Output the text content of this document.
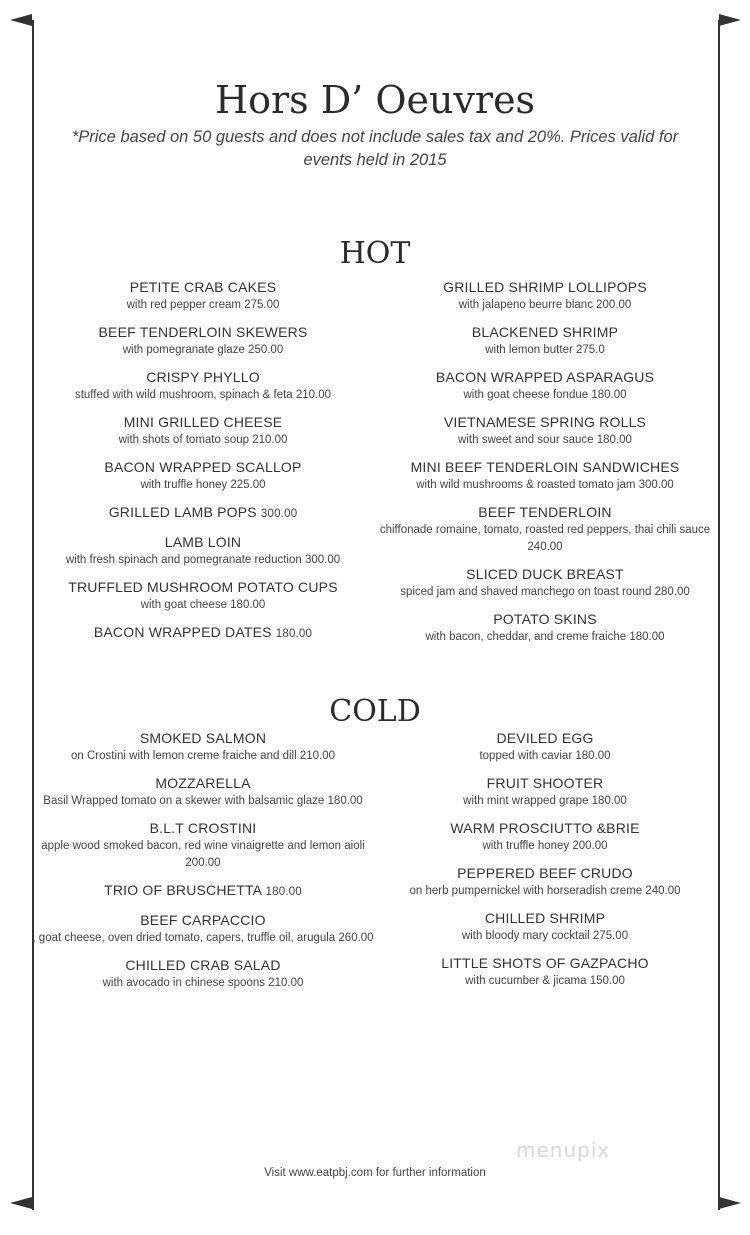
Hors D’ Oeuvres
*Price based on 50 guests and does not include sales tax and 20%. Prices valid for events held in 2015
HOT
PETITE CRAB CAKES
with red pepper cream 275.00
BEEF TENDERLOIN SKEWERS
with pomegranate glaze 250.00
CRISPY PHYLLO
stuffed with wild mushroom, spinach & feta 210.00
MINI GRILLED CHEESE
with shots of tomato soup 210.00
BACON WRAPPED SCALLOP
with truffle honey 225.00
GRILLED LAMB POPS 300.00
LAMB LOIN
with fresh spinach and pomegranate reduction 300.00
TRUFFLED MUSHROOM POTATO CUPS
with goat cheese 180.00
BACON WRAPPED DATES 180.00
GRILLED SHRIMP LOLLIPOPS
with jalapeno beurre blanc 200.00
BLACKENED SHRIMP
with lemon butter 275.0
BACON WRAPPED ASPARAGUS
with goat cheese fondue 180.00
VIETNAMESE SPRING ROLLS
with sweet and sour sauce 180.00
MINI BEEF TENDERLOIN SANDWICHES
with wild mushrooms & roasted tomato jam 300.00
BEEF TENDERLOIN
chiffonade romaine, tomato, roasted red peppers, thai chili sauce 240.00
SLICED DUCK BREAST
spiced jam and shaved manchego on toast round 280.00
POTATO SKINS
with bacon, cheddar, and creme fraiche 180.00
COLD
SMOKED SALMON
on Crostini with lemon creme fraiche and dill 210.00
MOZZARELLA
Basil Wrapped tomato on a skewer with balsamic glaze 180.00
B.L.T CROSTINI
apple wood smoked bacon, red wine vinaigrette and lemon aioli 200.00
TRIO OF BRUSCHETTA 180.00
BEEF CARPACCIO
, goat cheese, oven dried tomato, capers, truffle oil, arugula 260.00
CHILLED CRAB SALAD
with avocado in chinese spoons 210.00
DEVILED EGG
topped with caviar 180.00
FRUIT SHOOTER
with mint wrapped grape 180.00
WARM PROSCIUTTO &BRIE
with truffle honey 200.00
PEPPERED BEEF CRUDO
on herb pumpernickel with horseradish creme 240.00
CHILLED SHRIMP
with bloody mary cocktail 275.00
LITTLE SHOTS OF GAZPACHO
with cucumber & jicama 150.00
menupix
Visit www.eatpbj.com for further information
